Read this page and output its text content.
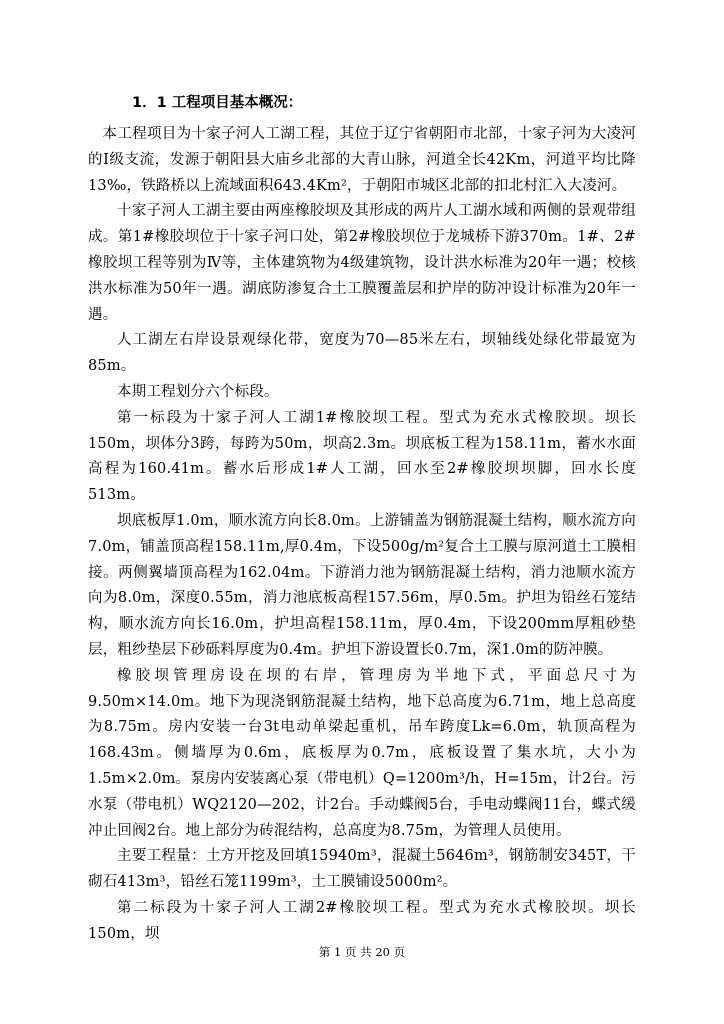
1．1 工程项目基本概况：

本工程项目为十家子河人工湖工程，其位于辽宁省朝阳市北部，十家子河为大凌河的Ⅰ级支流，发源于朝阳县大庙乡北部的大青山脉，河道全长42Km，河道平均比降13‰，铁路桥以上流域面积643.4Km²，于朝阳市城区北部的扣北村汇入大凌河。

十家子河人工湖主要由两座橡胶坝及其形成的两片人工湖水域和两侧的景观带组成。第1#橡胶坝位于十家子河口处，第2#橡胶坝位于龙城桥下游370m。1#、2#橡胶坝工程等别为Ⅳ等，主体建筑物为4级建筑物，设计洪水标准为20年一遇；校核洪水标准为50年一遇。湖底防渗复合土工膜覆盖层和护岸的防冲设计标准为20年一遇。

人工湖左右岸设景观绿化带，宽度为70—85米左右，坝轴线处绿化带最宽为85m。

本期工程划分六个标段。

第一标段为十家子河人工湖1#橡胶坝工程。型式为充水式橡胶坝。坝长150m，坝体分3跨，每跨为50m，坝高2.3m。坝底板工程为158.11m，蓄水水面高程为160.41m。蓄水后形成1#人工湖，回水至2#橡胶坝坝脚，回水长度513m。

坝底板厚1.0m，顺水流方向长8.0m。上游铺盖为钢筋混凝土结构，顺水流方向7.0m，铺盖顶高程158.11m,厚0.4m，下设500g/m²复合土工膜与原河道土工膜相接。两侧翼墙顶高程为162.04m。下游消力池为钢筋混凝土结构，消力池顺水流方向为8.0m，深度0.55m，消力池底板高程157.56m，厚0.5m。护坦为铅丝石笼结构，顺水流方向长16.0m，护坦高程158.11m，厚0.4m，下设200mm厚粗砂垫层，粗纱垫层下砂砾料厚度为0.4m。护坦下游设置长0.7m，深1.0m的防冲膜。

橡胶坝管理房设在坝的右岸，管理房为半地下式，平面总尺寸为9.50m×14.0m。地下为现浇钢筋混凝土结构，地下总高度为6.71m，地上总高度为8.75m。房内安装一台3t电动单梁起重机，吊车跨度Lk=6.0m，轨顶高程为168.43m。侧墙厚为0.6m，底板厚为0.7m，底板设置了集水坑，大小为1.5m×2.0m。泵房内安装离心泵（带电机）Q=1200m³/h，H=15m，计2台。污水泵（带电机）WQ2120—202，计2台。手动蝶阀5台，手电动蝶阀11台，蝶式缓冲止回阀2台。地上部分为砖混结构，总高度为8.75m，为管理人员使用。

主要工程量：土方开挖及回填15940m³，混凝土5646m³，钢筋制安345T，干砌石413m³，铅丝石笼1199m³，土工膜铺设5000m²。

第二标段为十家子河人工湖2#橡胶坝工程。型式为充水式橡胶坝。坝长150m，坝

第 1 页 共 20 页
